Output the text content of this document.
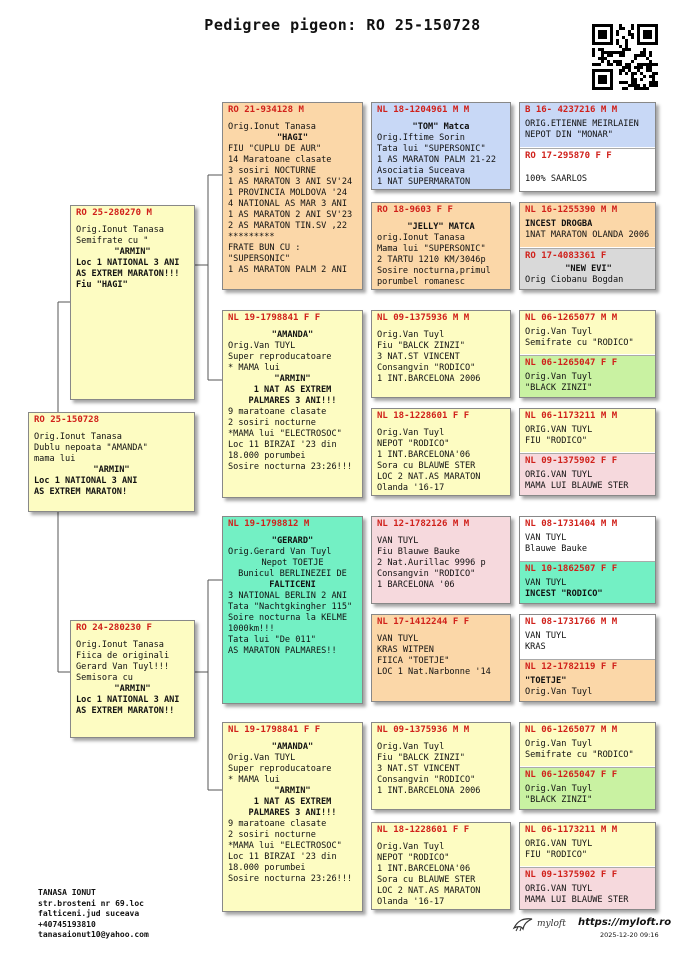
Pedigree pigeon: RO 25-150728
RO 25-150728
Orig.Ionut Tanasa
Dublu nepoata "AMANDA"
mama lui
"ARMIN"
Loc 1 NATIONAL 3 ANI
AS EXTREM MARATON!
RO 25-280270 M
Orig.Ionut Tanasa
Semifrate cu "
"ARMIN"
Loc 1 NATIONAL 3 ANI
AS EXTREM MARATON!!!
Fiu "HAGI"
RO 24-280230 F
Orig.Ionut Tanasa
Fiica de originali
Gerard Van Tuyl!!!
Semisora cu
"ARMIN"
Loc 1 NATIONAL 3 ANI
AS EXTREM MARATON!!
RO 21-934128 M
Orig.Ionut Tanasa
"HAGI"
FIU "CUPLU DE AUR"
14 Maratoane clasate
3 sosiri NOCTURNE
1 AS MARATON 3 ANI SV'24
1 PROVINCIA MOLDOVA '24
4 NATIONAL AS MAR 3 ANI
1 AS MARATON 2 ANI SV'23
2 AS MARATON TIN.SV ,22
*********
FRATE BUN CU :
"SUPERSONIC"
1 AS MARATON PALM 2 ANI
NL 19-1798841 F F
"AMANDA"
Orig.Van TUYL
Super reproducatoare
* MAMA lui
"ARMIN"
1 NAT AS EXTREM
PALMARES 3 ANI!!!
9 maratoane clasate
2 sosiri nocturne
*MAMA lui "ELECTROSOC"
Loc 11 BIRZAI '23 din
18.000 porumbei
Sosire nocturna 23:26!!!
NL 19-1798812 M
"GERARD"
Orig.Gerard Van Tuyl
Nepot TOETJE
Bunicul BERLINEZEI DE
FALTICENI
3 NATIONAL BERLIN 2 ANI
Tata "Nachtgkingher 115"
Soire nocturna la KELME
1000km!!!
Tata lui "De 011"
AS MARATON PALMARES!!
NL 19-1798841 F F
"AMANDA"
Orig.Van TUYL
Super reproducatoare
* MAMA lui
"ARMIN"
1 NAT AS EXTREM
PALMARES 3 ANI!!!
9 maratoane clasate
2 sosiri nocturne
*MAMA lui "ELECTROSOC"
Loc 11 BIRZAI '23 din
18.000 porumbei
Sosire nocturna 23:26!!!
NL 18-1204961 M M
"TOM" Matca
Orig.Iftime Sorin
Tata lui "SUPERSONIC"
1 AS MARATON PALM 21-22
Asociatia Suceava
1 NAT SUPERMARATON
RO 18-9603 F F
"JELLY" MATCA
orig.Ionut Tanasa
Mama lui "SUPERSONIC"
2 TARTU 1210 KM/3046p
Sosire nocturna,primul
porumbel romanesc
NL 09-1375936 M M
Orig.Van Tuyl
Fiu "BALCK ZINZI"
3 NAT.ST VINCENT
Consangvin "RODICO"
1 INT.BARCELONA 2006
NL 18-1228601 F F
Orig.Van Tuyl
NEPOT "RODICO"
1 INT.BARCELONA'06
Sora cu BLAUWE STER
LOC 2 NAT.AS MARATON
Olanda '16-17
NL 12-1782126 M M
VAN TUYL
Fiu Blauwe Bauke
2 Nat.Aurillac 9996 p
Consangvin "RODICO"
1 BARCELONA '06
NL 17-1412244 F F
VAN TUYL
KRAS WITPEN
FIICA "TOETJE"
LOC 1 Nat.Narbonne '14
NL 09-1375936 M M
Orig.Van Tuyl
Fiu "BALCK ZINZI"
3 NAT.ST VINCENT
Consangvin "RODICO"
1 INT.BARCELONA 2006
NL 18-1228601 F F
Orig.Van Tuyl
NEPOT "RODICO"
1 INT.BARCELONA'06
Sora cu BLAUWE STER
LOC 2 NAT.AS MARATON
Olanda '16-17
B 16- 4237216 M M
ORIG.ETIENNE MEIRLAIEN
NEPOT DIN "MONAR"
RO 17-295870 F F
100% SAARLOS
NL 16-1255390 M M
INCEST DROGBA
1NAT MARATON OLANDA 2006
RO 17-4083361 F
"NEW EVI"
Orig Ciobanu Bogdan
NL 06-1265077 M M
Orig.Van Tuyl
Semifrate cu "RODICO"
NL 06-1265047 F F
Orig.Van Tuyl
"BLACK ZINZI"
NL 06-1173211 M M
ORIG.VAN TUYL
FIU "RODICO"
NL 09-1375902 F F
ORIG.VAN TUYL
MAMA LUI BLAUWE STER
NL 08-1731404 M M
VAN TUYL
Blauwe Bauke
NL 10-1862507 F F
VAN TUYL
INCEST "RODICO"
NL 08-1731766 M M
VAN TUYL
KRAS
NL 12-1782119 F F
"TOETJE"
Orig.Van Tuyl
NL 06-1265077 M M
Orig.Van Tuyl
Semifrate cu "RODICO"
NL 06-1265047 F F
Orig.Van Tuyl
"BLACK ZINZI"
NL 06-1173211 M M
ORIG.VAN TUYL
FIU "RODICO"
NL 09-1375902 F F
ORIG.VAN TUYL
MAMA LUI BLAUWE STER
TANASA IONUT
str.brosteni nr 69.loc
falticeni.jud suceava
+40745193810
tanasaionut10@yahoo.com
myloft https://myloft.ro
2025-12-20 09:16
